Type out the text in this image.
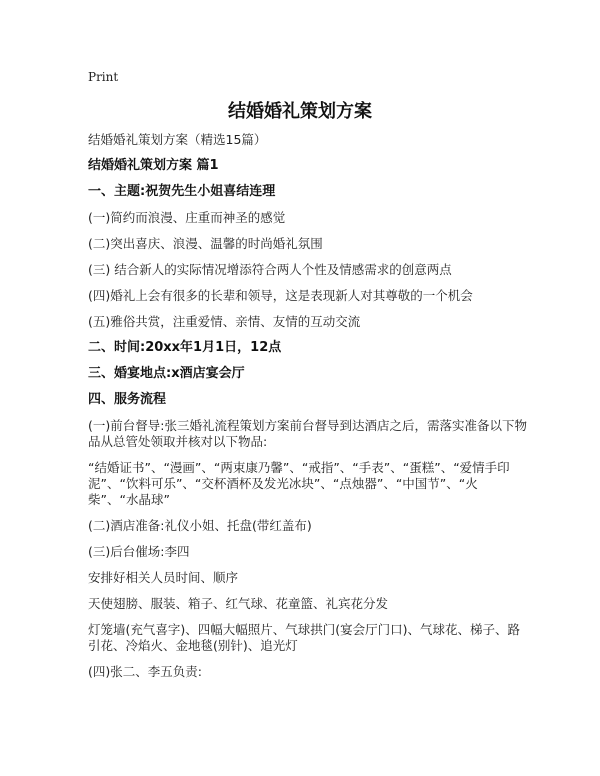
Print
结婚婚礼策划方案

结婚婚礼策划方案（精选15篇）

结婚婚礼策划方案 篇1

一、主题:祝贺先生小姐喜结连理

(一)简约而浪漫、庄重而神圣的感觉

(二)突出喜庆、浪漫、温馨的时尚婚礼氛围

(三) 结合新人的实际情况增添符合两人个性及情感需求的创意两点

(四)婚礼上会有很多的长辈和领导，这是表现新人对其尊敬的一个机会

(五)雅俗共赏，注重爱情、亲情、友情的互动交流

二、时间:20xx年1月1日，12点

三、婚宴地点:x酒店宴会厅

四、服务流程

(一)前台督导:张三婚礼流程策划方案前台督导到达酒店之后，需落实准备以下物品从总管处领取并核对以下物品:

“结婚证书”、“漫画”、“两束康乃馨”、“戒指”、“手表”、“蛋糕”、“爱情手印泥”、“饮料可乐”、“交杯酒杯及发光冰块”、“点烛器”、“中国节”、“火柴”、“水晶球”

(二)酒店准备:礼仪小姐、托盘(带红盖布)

(三)后台催场:李四

安排好相关人员时间、顺序

天使翅膀、服装、箱子、红气球、花童篮、礼宾花分发

灯笼墙(充气喜字)、四幅大幅照片、气球拱门(宴会厅门口)、气球花、梯子、路引花、冷焰火、金地毯(别针)、追光灯

(四)张二、李五负责:
